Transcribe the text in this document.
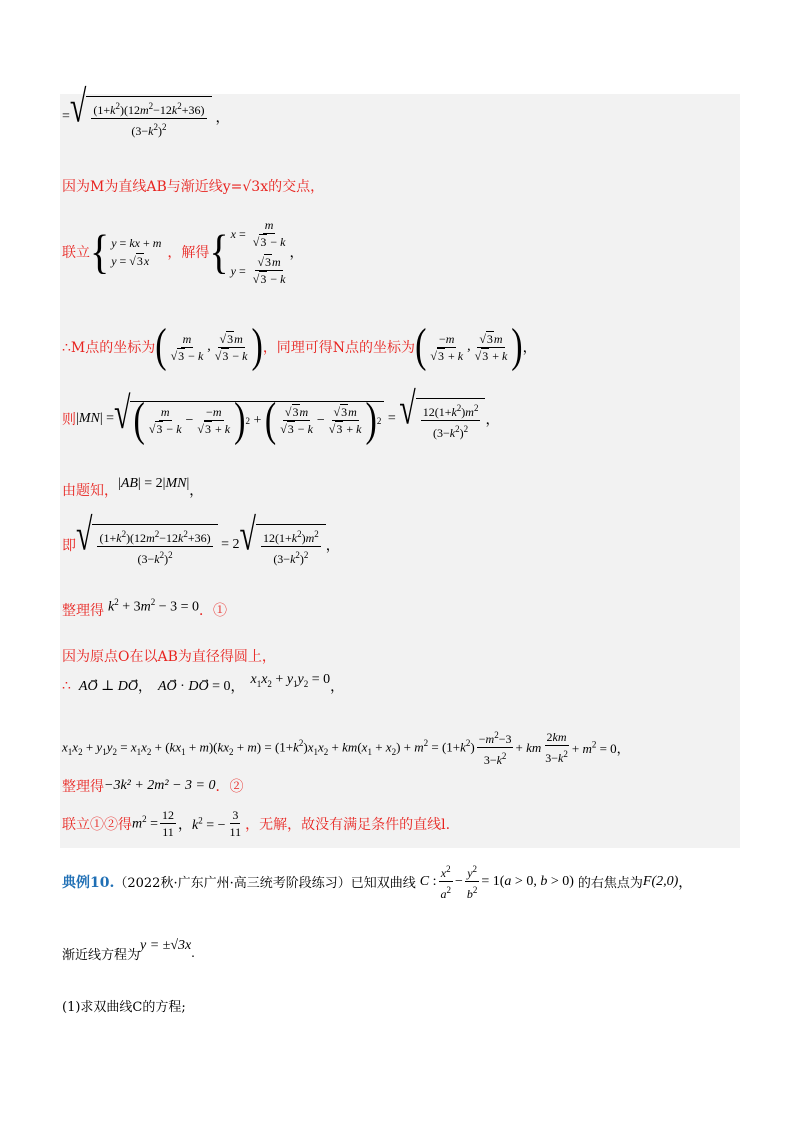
= √ $\frac{(1+k^2)(12m^2-12k^2+36)}{(3-k^2)^2}$ ，
因为M为直线AB与渐近线y=√3x的交点，
联立 { y = kx + m
y = √3x	，解得 { $x = \frac{m}{√3 - k}$
$y = \frac{√3m}{√3 - k}$
，
∴M点的坐标为 ( $\frac{m}{√3 - k}$ , $\frac{√3m}{√3 - k}$ ) ，同理可得N点的坐标为 ( $\frac{-m}{√3 + k}$ , $\frac{√3m}{√3 + k}$ ) ，
则 |MN| = √ ( $\frac{m}{√3 - k} - \frac{-m}{√3 + k}$ ) 2 + ( $\frac{√3m}{√3 - k} - \frac{√3m}{√3 + k}$ ) 2 = √ $\frac{12(1+k^2)m^2}{(3-k^2)^2}$ ，
由题知， |AB| = 2|MN|
，
即 √ $\frac{(1+k^2)(12m^2-12k^2+36)}{(3-k^2)^2} = 2$ √ $\frac{12(1+k^2)m^2}{(3-k^2)^2}$ ，
整理得 $k^2 + 3m^2 - 3 = 0$ ．①
因为原点O在以AB为直径得圆上，
∴ AO⃗ ⊥ DO ， AO⃗ · DO⃗ = 0 ，
$x_1x_2 + y_1y_2 = 0$
，
$x_1x_2 + y_1y_2 = x_1x_2 + (kx_1 + m)(kx_2 + m) = (1+k^2)x_1x_2 + km(x_1 + x_2) + m^2 = (1+k^2) \frac{-m^2-3}{3-k^2}$ + km $\frac{2km}{3-k^2} + m^2 = 0$，
整理得 −3k² + 2m² − 3 = 0 ．②
联立①②得 $m^2 = \frac{12}{11}$ ，$k^2$ = − $\frac{3}{11}$ ，无解，故没有满足条件的直线l.
典例10. （2022秋·广东广州·高三统考阶段练习）已知双曲线 C : $\frac{x^2}{a^2} - \frac{y^2}{b^2} = 1(a > 0$, b > 0) 的右焦点为 F(2,0) ，
渐近线方程为
y = ±√3x
.
(1)求双曲线C的方程;
